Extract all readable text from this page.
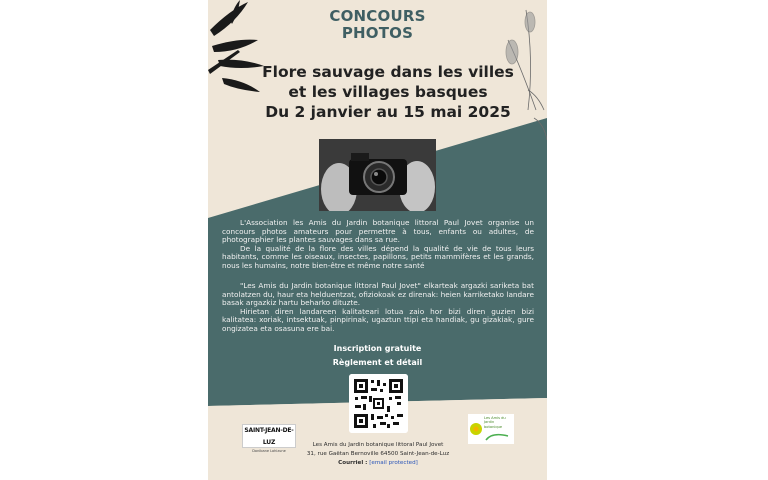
CONCOURS
PHOTOS
Flore sauvage dans les villes
et les villages basques
Du 2 janvier au 15 mai 2025

L'Association les Amis du Jardin botanique littoral Paul Jovet organise un concours photos amateurs pour permettre à tous, enfants ou adultes, de photographier les plantes sauvages dans sa rue.

De la qualité de la flore des villes dépend la qualité de vie de tous leurs habitants, comme les oiseaux, insectes, papillons, petits mammifères et les grands, nous les humains, notre bien-être et même notre santé

"Les Amis du Jardin botanique littoral Paul Jovet" elkarteak argazki sariketa bat antolatzen du, haur eta helduentzat, ofiziokoak ez direnak: heien karriketako landare basak argazkiz hartu beharko dituzte.

Hirietan diren landareen kalitateari lotua zaio hor bizi diren guzien bizi kalitatea: xoriak, intsektuak, pinpirinak, ugaztun ttipi eta handiak, gu gizakiak, gure ongizatea eta osasuna ere bai.

Inscription gratuite
Règlement et détail
SAINT-JEAN-DE-LUZ
Donibane Lohizune
Les Amis du Jardin botanique
Les Amis du Jardin botanique littoral Paul Jovet
31, rue Gaëtan Bernoville 64500 Saint-Jean-de-Luz
Courriel : [email protected]
